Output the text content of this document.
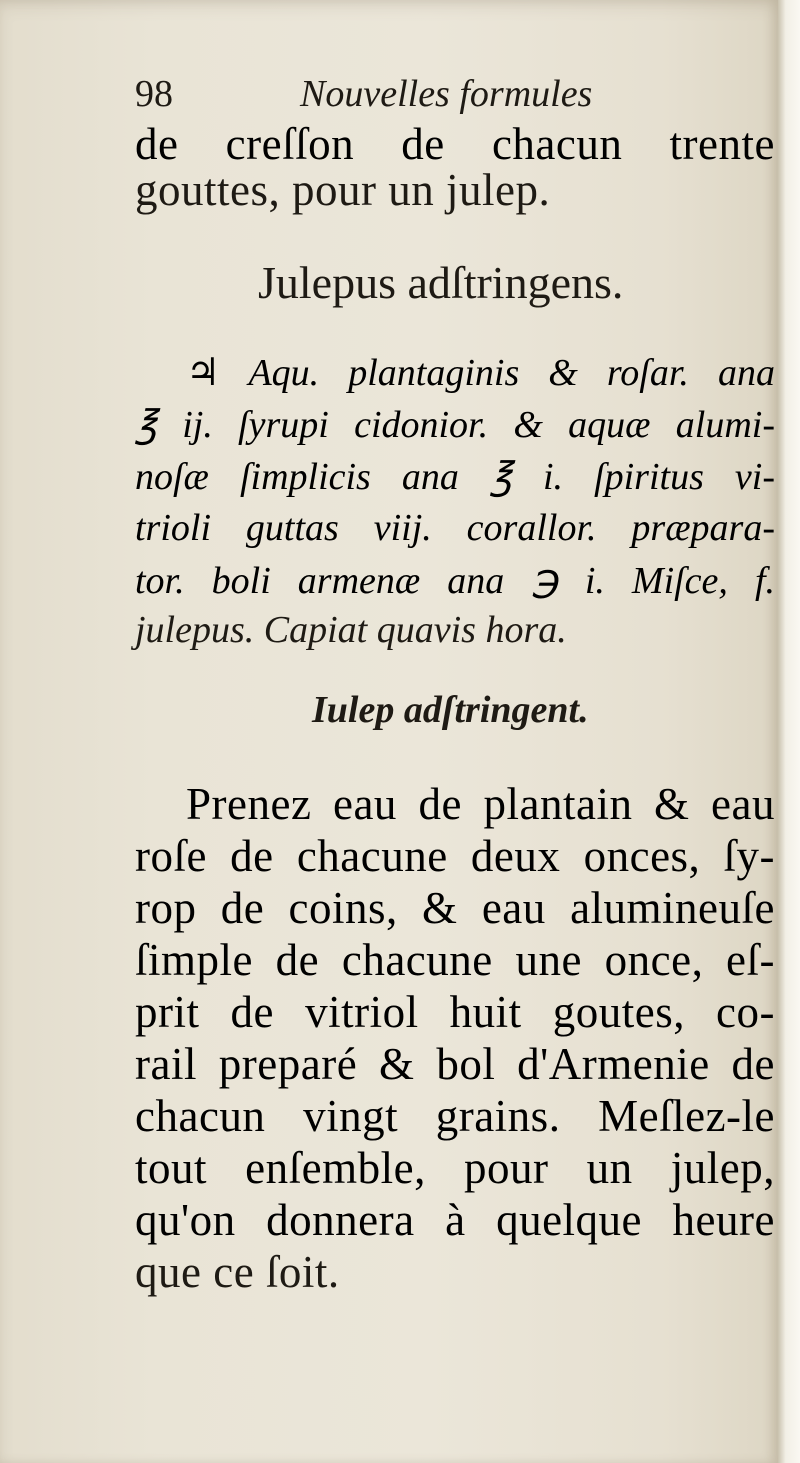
98	Nouvelles formules
de creſſon de chacun trente
gouttes, pour un julep.
Julepus adſtringens.
♃ Aqu. plantaginis & roſar. ana
℥ ij. ſyrupi cidonior. & aquæ alumi-
noſæ ſimplicis ana ℥ i. ſpiritus vi-
trioli guttas viij. corallor. præpara-
tor. boli armenæ ana ℈ i. Miſce, f.
julepus. Capiat quavis hora.
Iulep adſtringent.
Prenez eau de plantain & eau
roſe de chacune deux onces, ſy-
rop de coins, & eau alumineuſe
ſimple de chacune une once, eſ-
prit de vitriol huit goutes, co-
rail preparé & bol d'Armenie de
chacun vingt grains. Meſlez-le
tout enſemble, pour un julep,
qu'on donnera à quelque heure
que ce ſoit.
